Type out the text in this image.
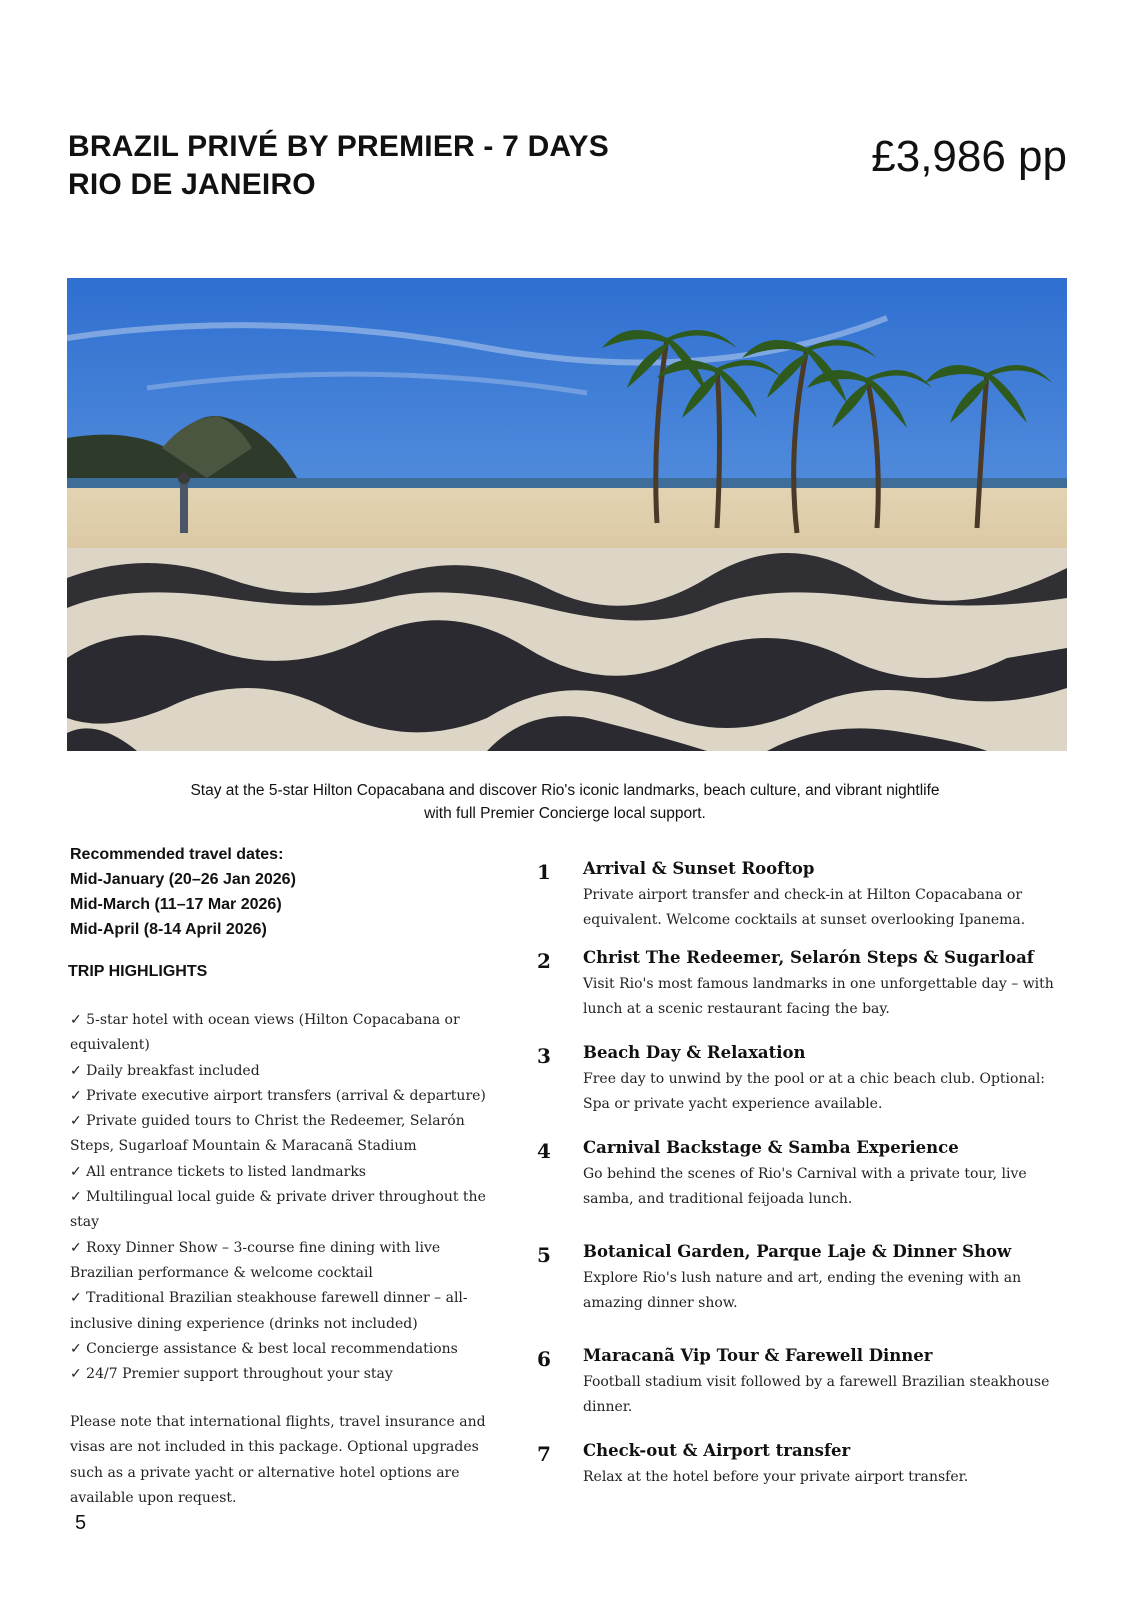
BRAZIL PRIVÉ BY PREMIER - 7 DAYS
RIO DE JANEIRO
£3,986 pp
Stay at the 5-star Hilton Copacabana and discover Rio's iconic landmarks, beach culture, and vibrant nightlife
with full Premier Concierge local support.
Recommended travel dates:
Mid-January (20–26 Jan 2026)
Mid-March (11–17 Mar 2026)
Mid-April (8-14 April 2026)
TRIP HIGHLIGHTS
✓ 5-star hotel with ocean views (Hilton Copacabana or equivalent)
✓ Daily breakfast included
✓ Private executive airport transfers (arrival & departure)
✓ Private guided tours to Christ the Redeemer, Selarón Steps, Sugarloaf Mountain & Maracanã Stadium
✓ All entrance tickets to listed landmarks
✓ Multilingual local guide & private driver throughout the stay
✓ Roxy Dinner Show – 3-course fine dining with live Brazilian performance & welcome cocktail
✓ Traditional Brazilian steakhouse farewell dinner – all-inclusive dining experience (drinks not included)
✓ Concierge assistance & best local recommendations
✓ 24/7 Premier support throughout your stay
Please note that international flights, travel insurance and visas are not included in this package. Optional upgrades such as a private yacht or alternative hotel options are available upon request.
5
1	Arrival & Sunset Rooftop
Private airport transfer and check-in at Hilton Copacabana or equivalent. Welcome cocktails at sunset overlooking Ipanema.
2	Christ The Redeemer, Selarón Steps & Sugarloaf
Visit Rio's most famous landmarks in one unforgettable day – with lunch at a scenic restaurant facing the bay.
3	Beach Day & Relaxation
Free day to unwind by the pool or at a chic beach club. Optional: Spa or private yacht experience available.
4	Carnival Backstage & Samba Experience
Go behind the scenes of Rio's Carnival with a private tour, live samba, and traditional feijoada lunch.
5	Botanical Garden, Parque Laje & Dinner Show
Explore Rio's lush nature and art, ending the evening with an amazing dinner show.
6	Maracanã Vip Tour & Farewell Dinner
Football stadium visit followed by a farewell Brazilian steakhouse dinner.
7	Check-out & Airport transfer
Relax at the hotel before your private airport transfer.
